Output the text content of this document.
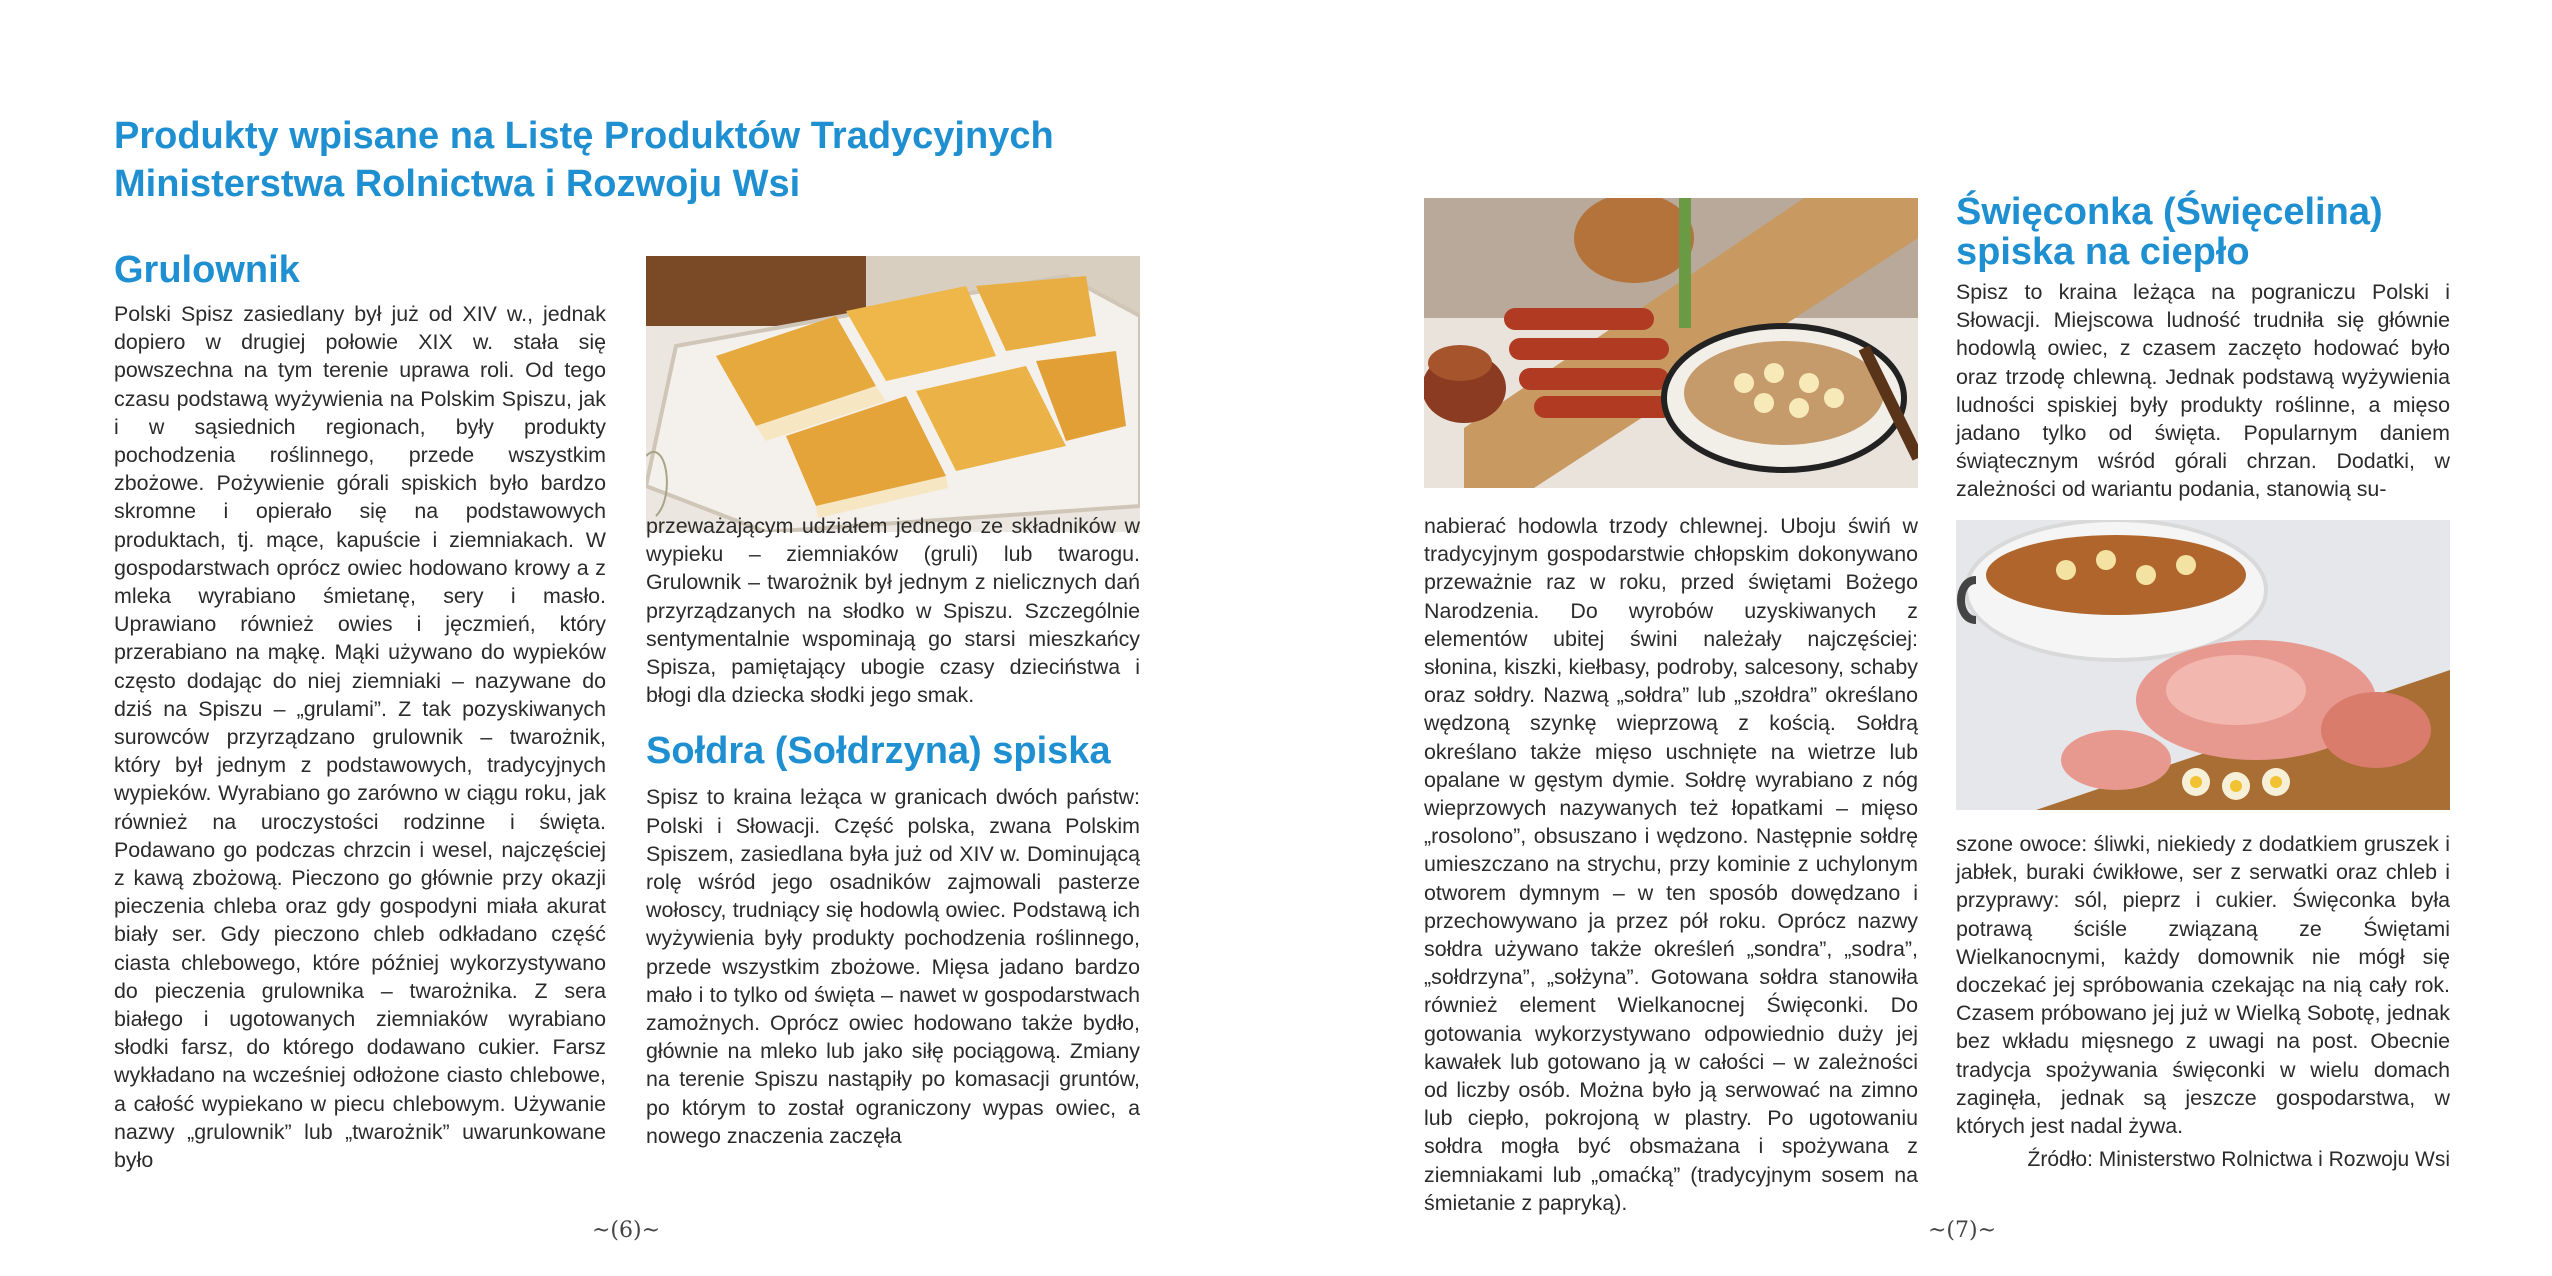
Produkty wpisane na Listę Produktów Tradycyjnych
Ministerstwa Rolnictwa i Rozwoju Wsi
Grulownik

Polski Spisz zasiedlany był już od XIV w., jednak dopiero w drugiej połowie XIX w. stała się powszechna na tym terenie uprawa roli. Od tego czasu podstawą wyżywienia na Polskim Spiszu, jak i w sąsiednich regionach, były produkty pochodzenia roślinnego, przede wszystkim zbożowe. Pożywienie górali spiskich było bardzo skromne i opierało się na podstawowych produktach, tj. mące, kapuście i ziemniakach. W gospodarstwach oprócz owiec hodowano krowy a z mleka wyrabiano śmietanę, sery i masło. Uprawiano również owies i jęczmień, który przerabiano na mąkę. Mąki używano do wypieków często dodając do niej ziemniaki – nazywane do dziś na Spiszu – „grulami”. Z tak pozyskiwanych surowców przyrządzano grulownik – twarożnik, który był jednym z podstawowych, tradycyjnych wypieków. Wyrabiano go zarówno w ciągu roku, jak również na uroczystości rodzinne i święta. Podawano go podczas chrzcin i wesel, najczęściej z kawą zbożową. Pieczono go głównie przy okazji pieczenia chleba oraz gdy gospodyni miała akurat biały ser. Gdy pieczono chleb odkładano część ciasta chlebowego, które później wykorzystywano do pieczenia grulownika – twarożnika. Z sera białego i ugotowanych ziemniaków wyrabiano słodki farsz, do którego dodawano cukier. Farsz wykładano na wcześniej odłożone ciasto chlebowe, a całość wypiekano w piecu chlebowym. Używanie nazwy „grulownik” lub „twarożnik” uwarunkowane było

przeważającym udziałem jednego ze składników w wypieku – ziemniaków (gruli) lub twarogu. Grulownik – twarożnik był jednym z nielicznych dań przyrządzanych na słodko w Spiszu. Szczególnie sentymentalnie wspominają go starsi mieszkańcy Spisza, pamiętający ubogie czasy dzieciństwa i błogi dla dziecka słodki jego smak.

Sołdra (Sołdrzyna) spiska

Spisz to kraina leżąca w granicach dwóch państw: Polski i Słowacji. Część polska, zwana Polskim Spiszem, zasiedlana była już od XIV w. Dominującą rolę wśród jego osadników zajmowali pasterze wołoscy, trudniący się hodowlą owiec. Podstawą ich wyżywienia były produkty pochodzenia roślinnego, przede wszystkim zbożowe. Mięsa jadano bardzo mało i to tylko od święta – nawet w gospodarstwach zamożnych. Oprócz owiec hodowano także bydło, głównie na mleko lub jako siłę pociągową. Zmiany na terenie Spiszu nastąpiły po komasacji gruntów, po którym to został ograniczony wypas owiec, a nowego znaczenia zaczęła

~(6)~

nabierać hodowla trzody chlewnej. Uboju świń w tradycyjnym gospodarstwie chłopskim dokonywano przeważnie raz w roku, przed świętami Bożego Narodzenia. Do wyrobów uzyskiwanych z elementów ubitej świni należały najczęściej: słonina, kiszki, kiełbasy, podroby, salcesony, schaby oraz sołdry. Nazwą „sołdra” lub „szołdra” określano wędzoną szynkę wieprzową z kością. Sołdrą określano także mięso uschnięte na wietrze lub opalane w gęstym dymie. Sołdrę wyrabiano z nóg wieprzowych nazywanych też łopatkami – mięso „rosolono”, obsuszano i wędzono. Następnie sołdrę umieszczano na strychu, przy kominie z uchylonym otworem dymnym – w ten sposób dowędzano i przechowywano ja przez pół roku. Oprócz nazwy sołdra używano także określeń „sondra”, „sodra”, „sołdrzyna”, „sołżyna”. Gotowana sołdra stanowiła również element Wielkanocnej Święconki. Do gotowania wykorzystywano odpowiednio duży jej kawałek lub gotowano ją w całości – w zależności od liczby osób. Można było ją serwować na zimno lub ciepło, pokrojoną w plastry. Po ugotowaniu sołdra mogła być obsmażana i spożywana z ziemniakami lub „omaćką” (tradycyjnym sosem na śmietanie z papryką).

Święconka (Święcelina)
spiska na ciepło

Spisz to kraina leżąca na pograniczu Polski i Słowacji. Miejscowa ludność trudniła się głównie hodowlą owiec, z czasem zaczęto hodować było oraz trzodę chlewną. Jednak podstawą wyżywienia ludności spiskiej były produkty roślinne, a mięso jadano tylko od święta. Popularnym daniem świątecznym wśród górali chrzan. Dodatki, w zależności od wariantu podania, stanowią su-

szone owoce: śliwki, niekiedy z dodatkiem gruszek i jabłek, buraki ćwikłowe, ser z serwatki oraz chleb i przyprawy: sól, pieprz i cukier. Święconka była potrawą ściśle związaną ze Świętami Wielkanocnymi, każdy domownik nie mógł się doczekać jej spróbowania czekając na nią cały rok. Czasem próbowano jej już w Wielką Sobotę, jednak bez wkładu mięsnego z uwagi na post. Obecnie tradycja spożywania święconki w wielu domach zaginęła, jednak są jeszcze gospodarstwa, w których jest nadal żywa.

Źródło: Ministerstwo Rolnictwa i Rozwoju Wsi
~(7)~
